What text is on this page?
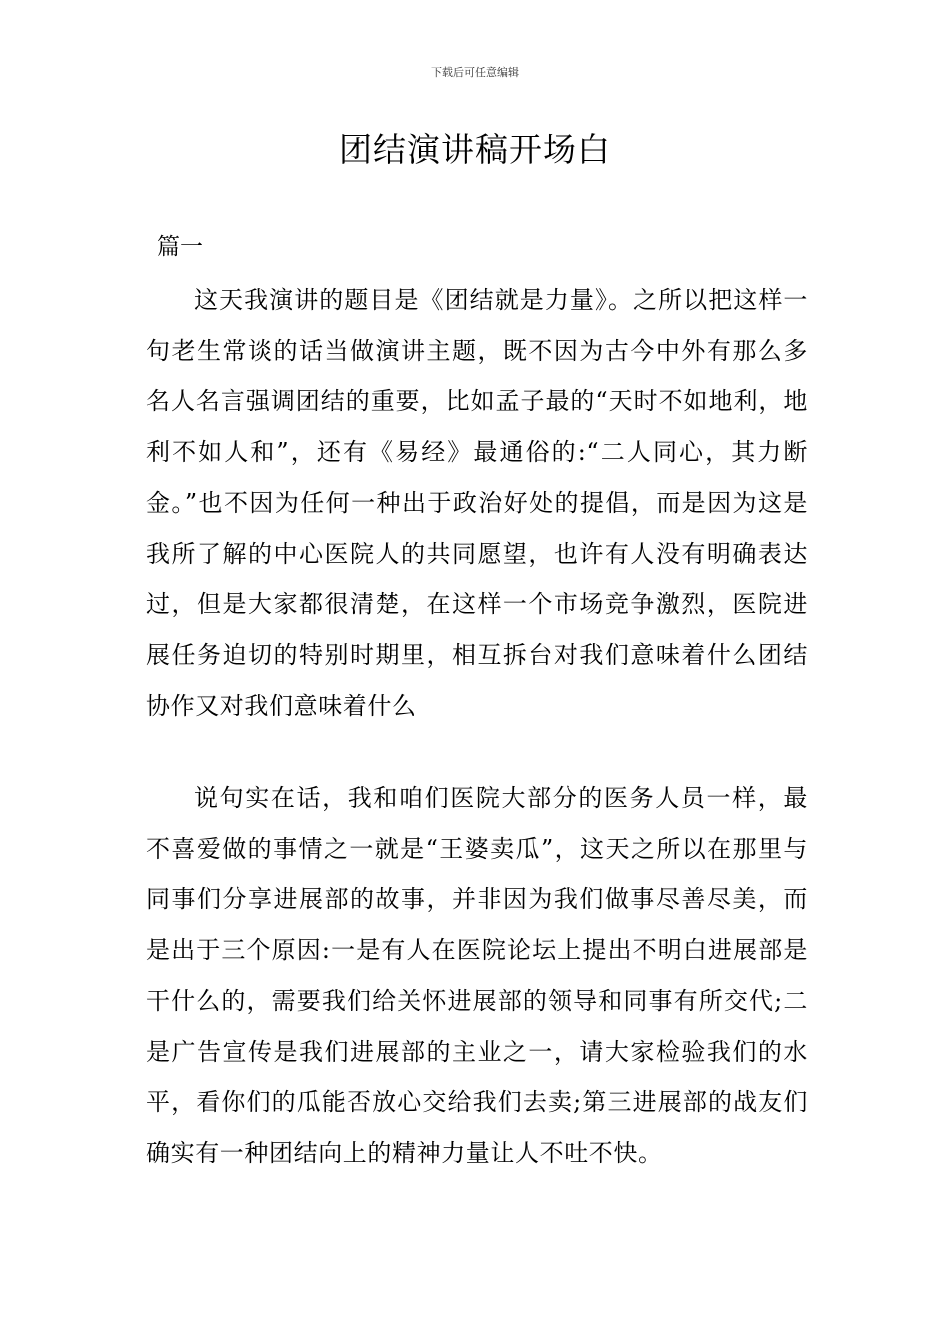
下载后可任意编辑
团结演讲稿开场白
篇一

这天我演讲的题目是《团结就是力量》。之所以把这样一句老生常谈的话当做演讲主题，既不因为古今中外有那么多名人名言强调团结的重要，比如孟子最的“天时不如地利，地利不如人和”，还有《易经》最通俗的:“二人同心，其力断金。”也不因为任何一种出于政治好处的提倡，而是因为这是我所了解的中心医院人的共同愿望，也许有人没有明确表达过，但是大家都很清楚，在这样一个市场竞争激烈，医院进展任务迫切的特别时期里，相互拆台对我们意味着什么团结协作又对我们意味着什么

说句实在话，我和咱们医院大部分的医务人员一样，最不喜爱做的事情之一就是“王婆卖瓜”，这天之所以在那里与同事们分享进展部的故事，并非因为我们做事尽善尽美，而是出于三个原因:一是有人在医院论坛上提出不明白进展部是干什么的，需要我们给关怀进展部的领导和同事有所交代;二是广告宣传是我们进展部的主业之一，请大家检验我们的水平，看你们的瓜能否放心交给我们去卖;第三进展部的战友们确实有一种团结向上的精神力量让人不吐不快。
